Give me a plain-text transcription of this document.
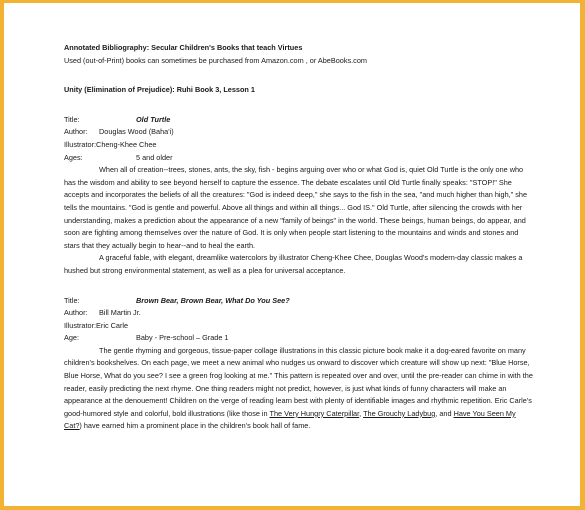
Annotated Bibliography: Secular Children's Books that teach Virtues
Used (out-of-Print) books can sometimes be purchased from Amazon.com , or AbeBooks.com
Unity (Elimination of Prejudice): Ruhi Book 3, Lesson 1
Title:	Old Turtle
Author:	Douglas Wood (Baha'i)
Illustrator: Cheng-Khee Chee
Ages:	5 and older

When all of creation--trees, stones, ants, the sky, fish - begins arguing over who or what God is, quiet Old Turtle is the only one who has the wisdom and ability to see beyond herself to capture the essence. The debate escalates until Old Turtle finally speaks: "STOP!" She accepts and incorporates the beliefs of all the creatures: "God is indeed deep," she says to the fish in the sea, "and much higher than high," she tells the mountains. "God is gentle and powerful. Above all things and within all things... God IS." Old Turtle, after silencing the crowds with her understanding, makes a prediction about the appearance of a new "family of beings" in the world. These beings, human beings, do appear, and soon are fighting among themselves over the nature of God. It is only when people start listening to the mountains and winds and stones and stars that they actually begin to hear--and to heal the earth.

A graceful fable, with elegant, dreamlike watercolors by illustrator Cheng-Khee Chee, Douglas Wood's modern-day classic makes a hushed but strong environmental statement, as well as a plea for universal acceptance.

Title:	Brown Bear, Brown Bear, What Do You See?
Author:	Bill Martin Jr.
Illustrator: Eric Carle
Age:	Baby - Pre-school – Grade 1

The gentle rhyming and gorgeous, tissue-paper collage illustrations in this classic picture book make it a dog-eared favorite on many children's bookshelves. On each page, we meet a new animal who nudges us onward to discover which creature will show up next: "Blue Horse, Blue Horse, What do you see? I see a green frog looking at me." This pattern is repeated over and over, until the pre-reader can chime in with the reader, easily predicting the next rhyme. One thing readers might not predict, however, is just what kinds of funny characters will make an appearance at the denouement! Children on the verge of reading learn best with plenty of identifiable images and rhythmic repetition. Eric Carle's good-humored style and colorful, bold illustrations (like those in The Very Hungry Caterpillar, The Grouchy Ladybug, and Have You Seen My Cat?) have earned him a prominent place in the children's book hall of fame.
